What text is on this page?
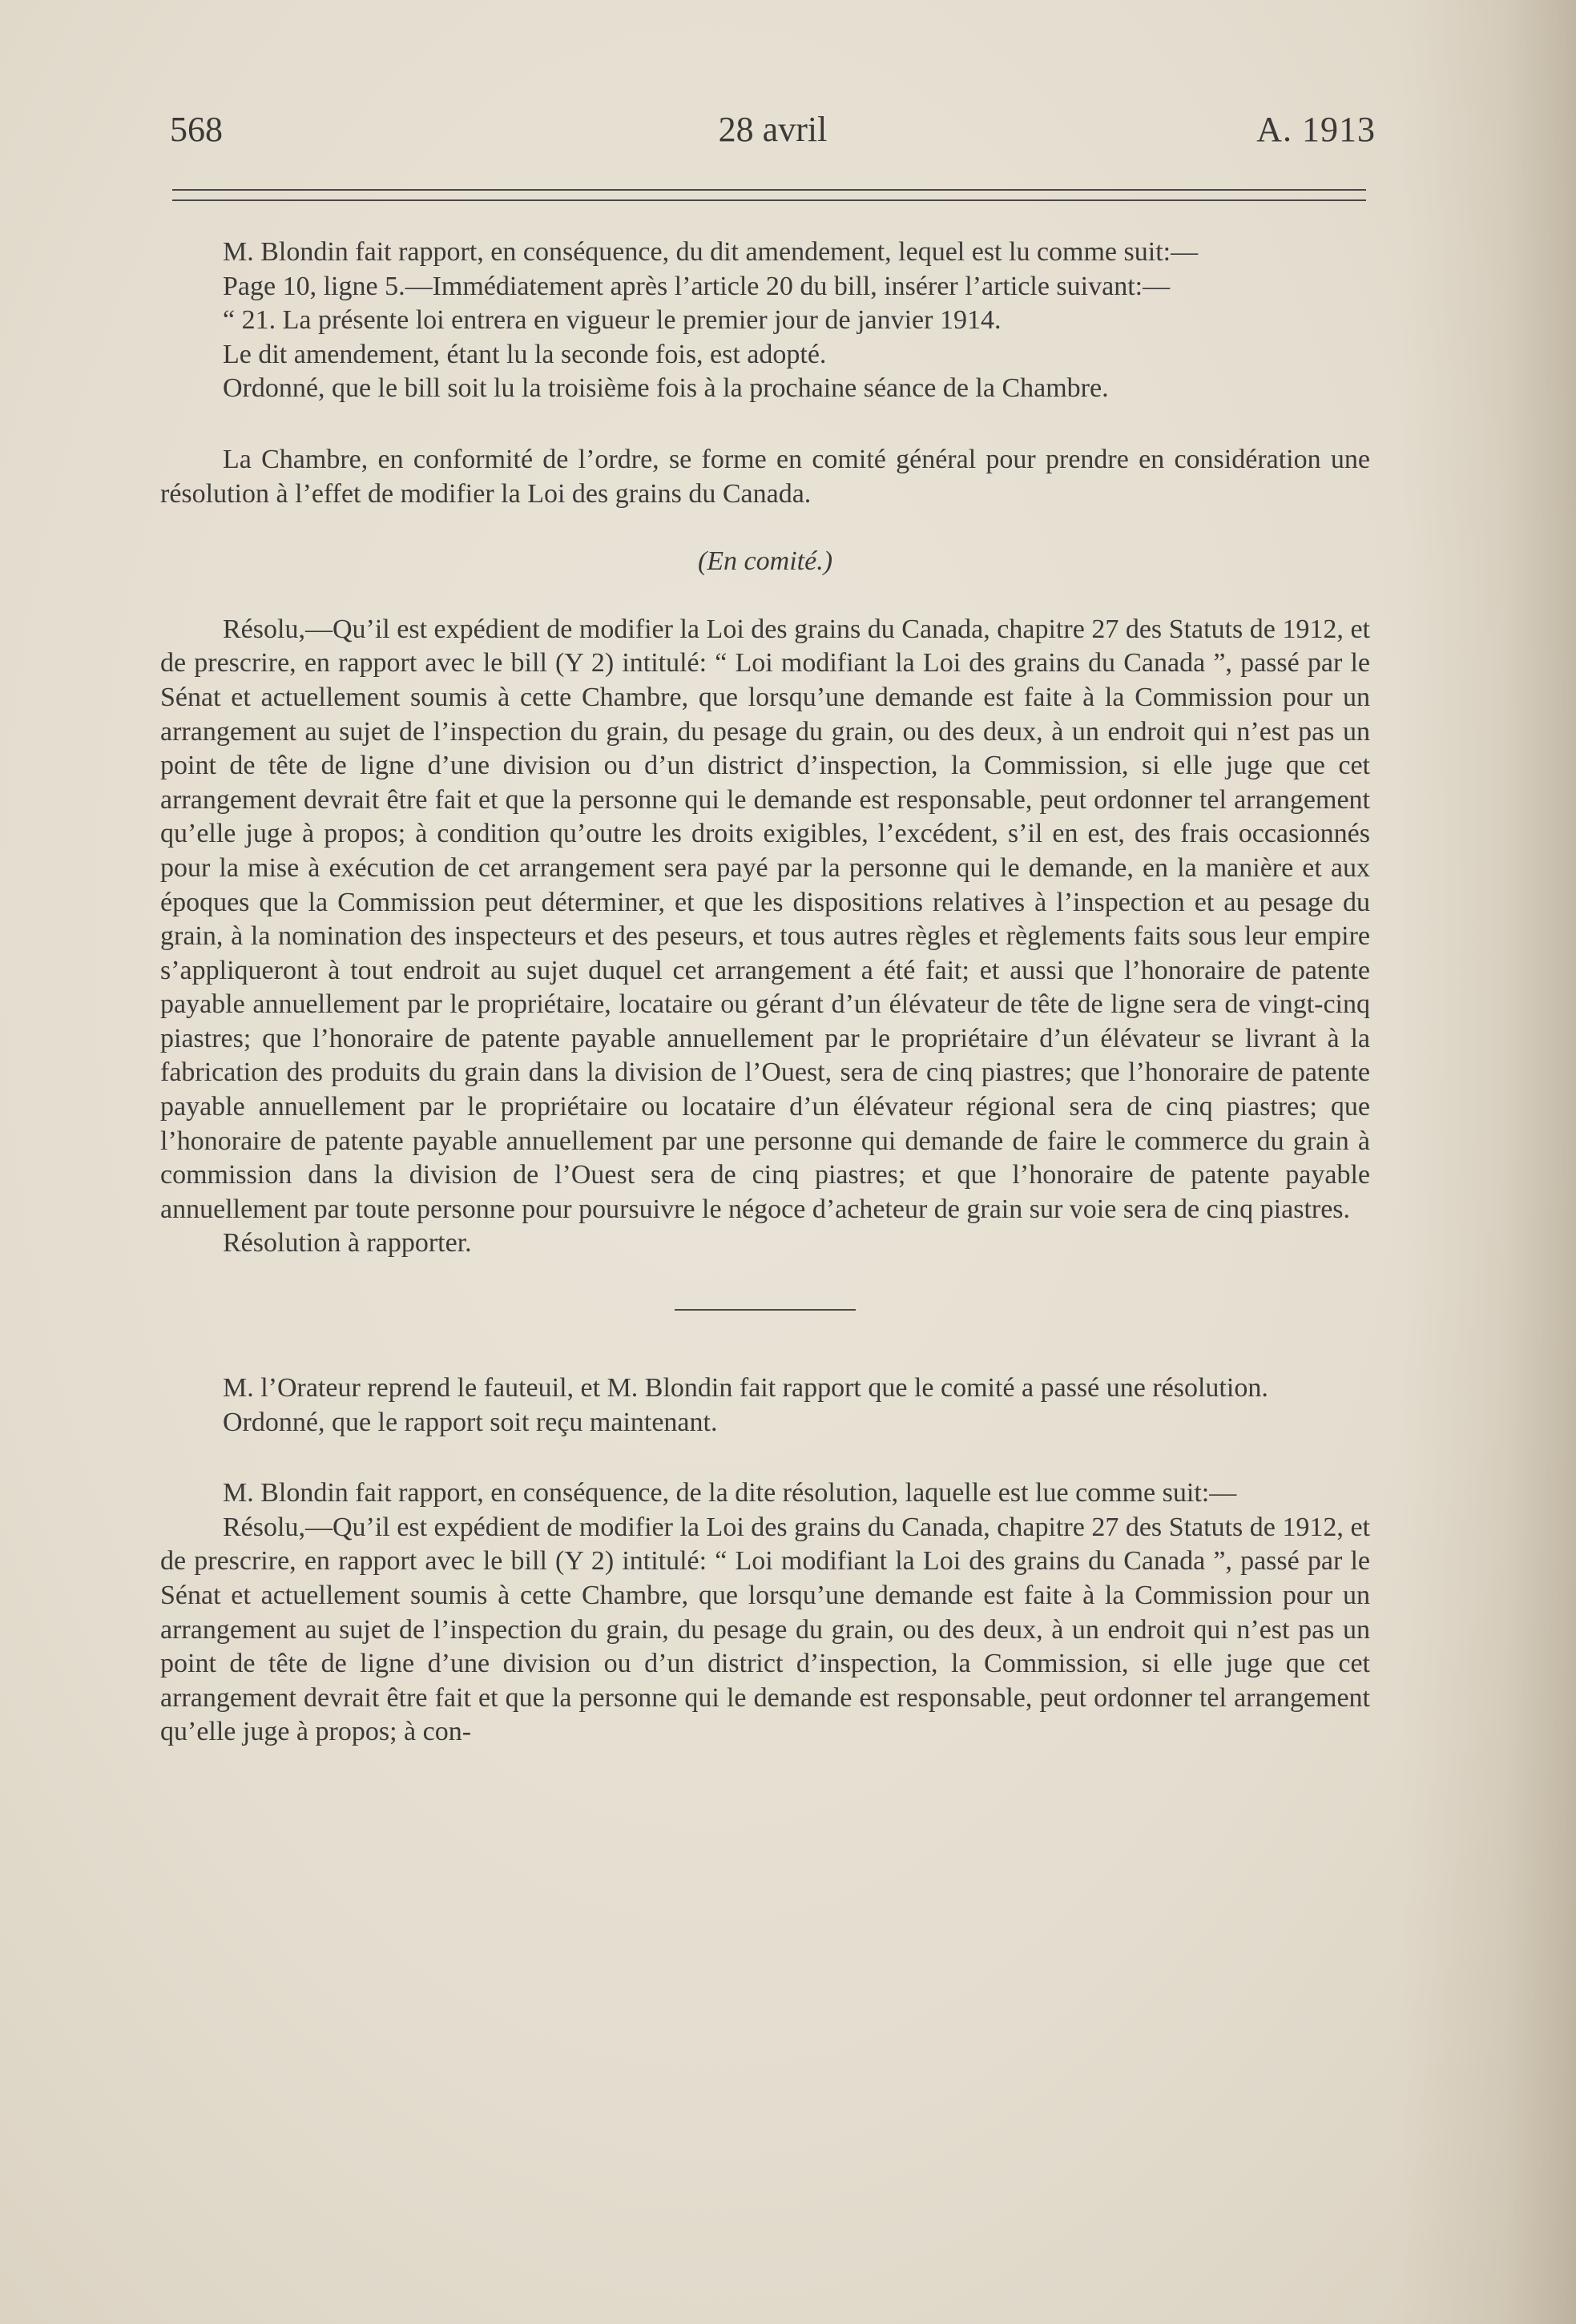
568	28 avril	A. 1913

M. Blondin fait rapport, en conséquence, du dit amendement, lequel est lu comme suit:—

Page 10, ligne 5.—Immédiatement après l’article 20 du bill, insérer l’article suivant:—

“ 21. La présente loi entrera en vigueur le premier jour de janvier 1914.

Le dit amendement, étant lu la seconde fois, est adopté.

Ordonné, que le bill soit lu la troisième fois à la prochaine séance de la Chambre.

La Chambre, en conformité de l’ordre, se forme en comité général pour prendre en considération une résolution à l’effet de modifier la Loi des grains du Canada.

(En comité.)

Résolu,—Qu’il est expédient de modifier la Loi des grains du Canada, chapitre 27 des Statuts de 1912, et de prescrire, en rapport avec le bill (Y 2) intitulé: “ Loi modifiant la Loi des grains du Canada ”, passé par le Sénat et actuellement soumis à cette Chambre, que lorsqu’une demande est faite à la Commission pour un arrangement au sujet de l’inspection du grain, du pesage du grain, ou des deux, à un endroit qui n’est pas un point de tête de ligne d’une division ou d’un district d’inspection, la Commission, si elle juge que cet arrangement devrait être fait et que la personne qui le demande est responsable, peut ordonner tel arrangement qu’elle juge à propos; à condition qu’outre les droits exigibles, l’excédent, s’il en est, des frais occasionnés pour la mise à exécution de cet arrangement sera payé par la personne qui le demande, en la manière et aux époques que la Commission peut déterminer, et que les dispositions relatives à l’inspection et au pesage du grain, à la nomination des inspecteurs et des peseurs, et tous autres règles et règlements faits sous leur empire s’appliqueront à tout endroit au sujet duquel cet arrangement a été fait; et aussi que l’honoraire de patente payable annuellement par le propriétaire, locataire ou gérant d’un élévateur de tête de ligne sera de vingt-cinq piastres; que l’honoraire de patente payable annuellement par le propriétaire d’un élévateur se livrant à la fabrication des produits du grain dans la division de l’Ouest, sera de cinq piastres; que l’honoraire de patente payable annuellement par le propriétaire ou locataire d’un élévateur régional sera de cinq piastres; que l’honoraire de patente payable annuellement par une personne qui demande de faire le commerce du grain à commission dans la division de l’Ouest sera de cinq piastres; et que l’honoraire de patente payable annuellement par toute personne pour poursuivre le négoce d’acheteur de grain sur voie sera de cinq piastres.

Résolution à rapporter.

M. l’Orateur reprend le fauteuil, et M. Blondin fait rapport que le comité a passé une résolution.

Ordonné, que le rapport soit reçu maintenant.

M. Blondin fait rapport, en conséquence, de la dite résolution, laquelle est lue comme suit:—

Résolu,—Qu’il est expédient de modifier la Loi des grains du Canada, chapitre 27 des Statuts de 1912, et de prescrire, en rapport avec le bill (Y 2) intitulé: “ Loi modifiant la Loi des grains du Canada ”, passé par le Sénat et actuellement soumis à cette Chambre, que lorsqu’une demande est faite à la Commission pour un arrangement au sujet de l’inspection du grain, du pesage du grain, ou des deux, à un endroit qui n’est pas un point de tête de ligne d’une division ou d’un district d’inspection, la Commission, si elle juge que cet arrangement devrait être fait et que la personne qui le demande est responsable, peut ordonner tel arrangement qu’elle juge à propos; à con-
